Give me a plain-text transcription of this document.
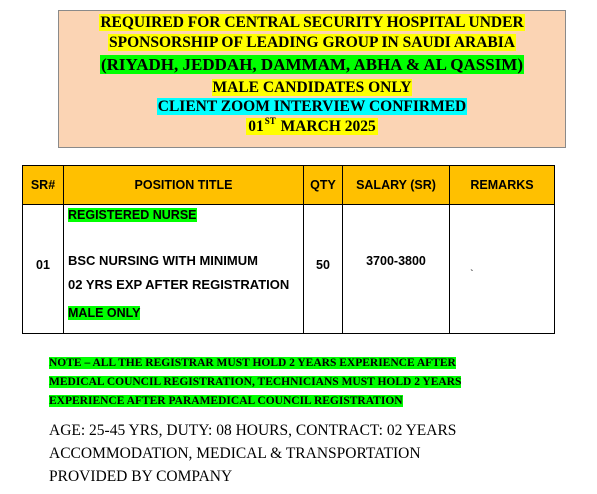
REQUIRED FOR CENTRAL SECURITY HOSPITAL UNDER
SPONSORSHIP OF LEADING GROUP IN SAUDI ARABIA
(RIYADH, JEDDAH, DAMMAM, ABHA & AL QASSIM)
MALE CANDIDATES ONLY
CLIENT ZOOM INTERVIEW CONFIRMED
01ST MARCH 2025
SR#	POSITION TITLE	QTY	SALARY (SR)	REMARKS
01	REGISTERED NURSE
BSC NURSING WITH MINIMUM
02 YRS EXP AFTER REGISTRATION
MALE ONLY	50	3700-3800	$^ˎ$
NOTE – ALL THE REGISTRAR MUST HOLD 2 YEARS EXPERIENCE AFTER
MEDICAL COUNCIL REGISTRATION, TECHNICIANS MUST HOLD 2 YEARS
EXPERIENCE AFTER PARAMEDICAL COUNCIL REGISTRATION
AGE: 25-45 YRS, DUTY: 08 HOURS, CONTRACT: 02 YEARS
ACCOMMODATION, MEDICAL & TRANSPORTATION
PROVIDED BY COMPANY
